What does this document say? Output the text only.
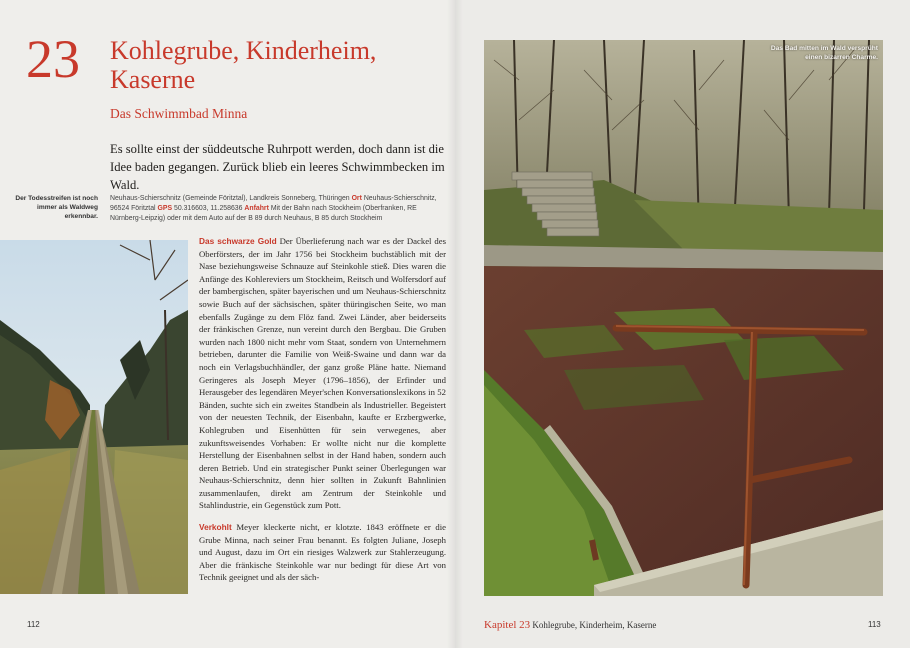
23 Kohlegrube, Kinderheim,
Kaserne
Das Schwimmbad Minna
Es sollte einst der süddeutsche Ruhrpott werden, doch dann ist die Idee baden gegangen. Zurück blieb ein leeres Schwimmbecken im Wald.
Der Todesstreifen ist noch immer als Waldweg erkennbar.
Neuhaus-Schierschnitz (Gemeinde Föritztal), Landkreis Sonneberg, Thüringen Ort Neuhaus-Schierschnitz, 96524 Föritztal GPS 50.316603, 11.258636 Anfahrt Mit der Bahn nach Stockheim (Oberfranken, RE Nürnberg-Leipzig) oder mit dem Auto auf der B 89 durch Neuhaus, B 85 durch Stockheim

Das schwarze Gold Der Überlieferung nach war es der Dackel des Oberförsters, der im Jahr 1756 bei Stockheim buchstäblich mit der Nase beziehungsweise Schnauze auf Steinkohle stieß. Dies waren die Anfänge des Kohlereviers um Stockheim, Reitsch und Wolfersdorf auf der bambergischen, später bayerischen und um Neuhaus-Schierschnitz sowie Buch auf der sächsischen, später thüringischen Seite, wo man ebenfalls Zugänge zu dem Flöz fand. Zwei Länder, aber beiderseits der fränkischen Grenze, nun vereint durch den Bergbau. Die Gruben wurden nach 1800 nicht mehr vom Staat, sondern von Unternehmern betrieben, darunter die Familie von Weiß-Swaine und dann war da noch ein Verlagsbuchhändler, der ganz große Pläne hatte. Niemand Geringeres als Joseph Meyer (1796–1856), der Erfinder und Herausgeber des legendären Meyer'schen Konversationslexikons in 52 Bänden, suchte sich ein zweites Standbein als Industrieller. Begeistert von der neuesten Technik, der Eisenbahn, kaufte er Erzbergwerke, Kohlegruben und Eisenhütten für sein verwegenes, aber zukunftsweisendes Vorhaben: Er wollte nicht nur die komplette Herstellung der Eisenbahnen selbst in der Hand haben, sondern auch deren Betrieb. Und ein strategischer Punkt seiner Überlegungen war Neuhaus-Schierschnitz, denn hier sollten in Zukunft Bahnlinien zusammenlaufen, direkt am Zentrum der Steinkohle und Stahlindustrie, ein Gegenstück zum Pott.

Verkohlt Meyer kleckerte nicht, er klotzte. 1843 eröffnete er die Grube Minna, nach seiner Frau benannt. Es folgten Juliane, Joseph und August, dazu im Ort ein riesiges Walzwerk zur Stahlerzeugung. Aber die fränkische Steinkohle war nur bedingt für diese Art von Technik geeignet und als der säch-

112
Das Bad mitten im Wald versprüht einen bizarren Charme.
Kapitel 23 Kohlegrube, Kinderheim, Kaserne	113
